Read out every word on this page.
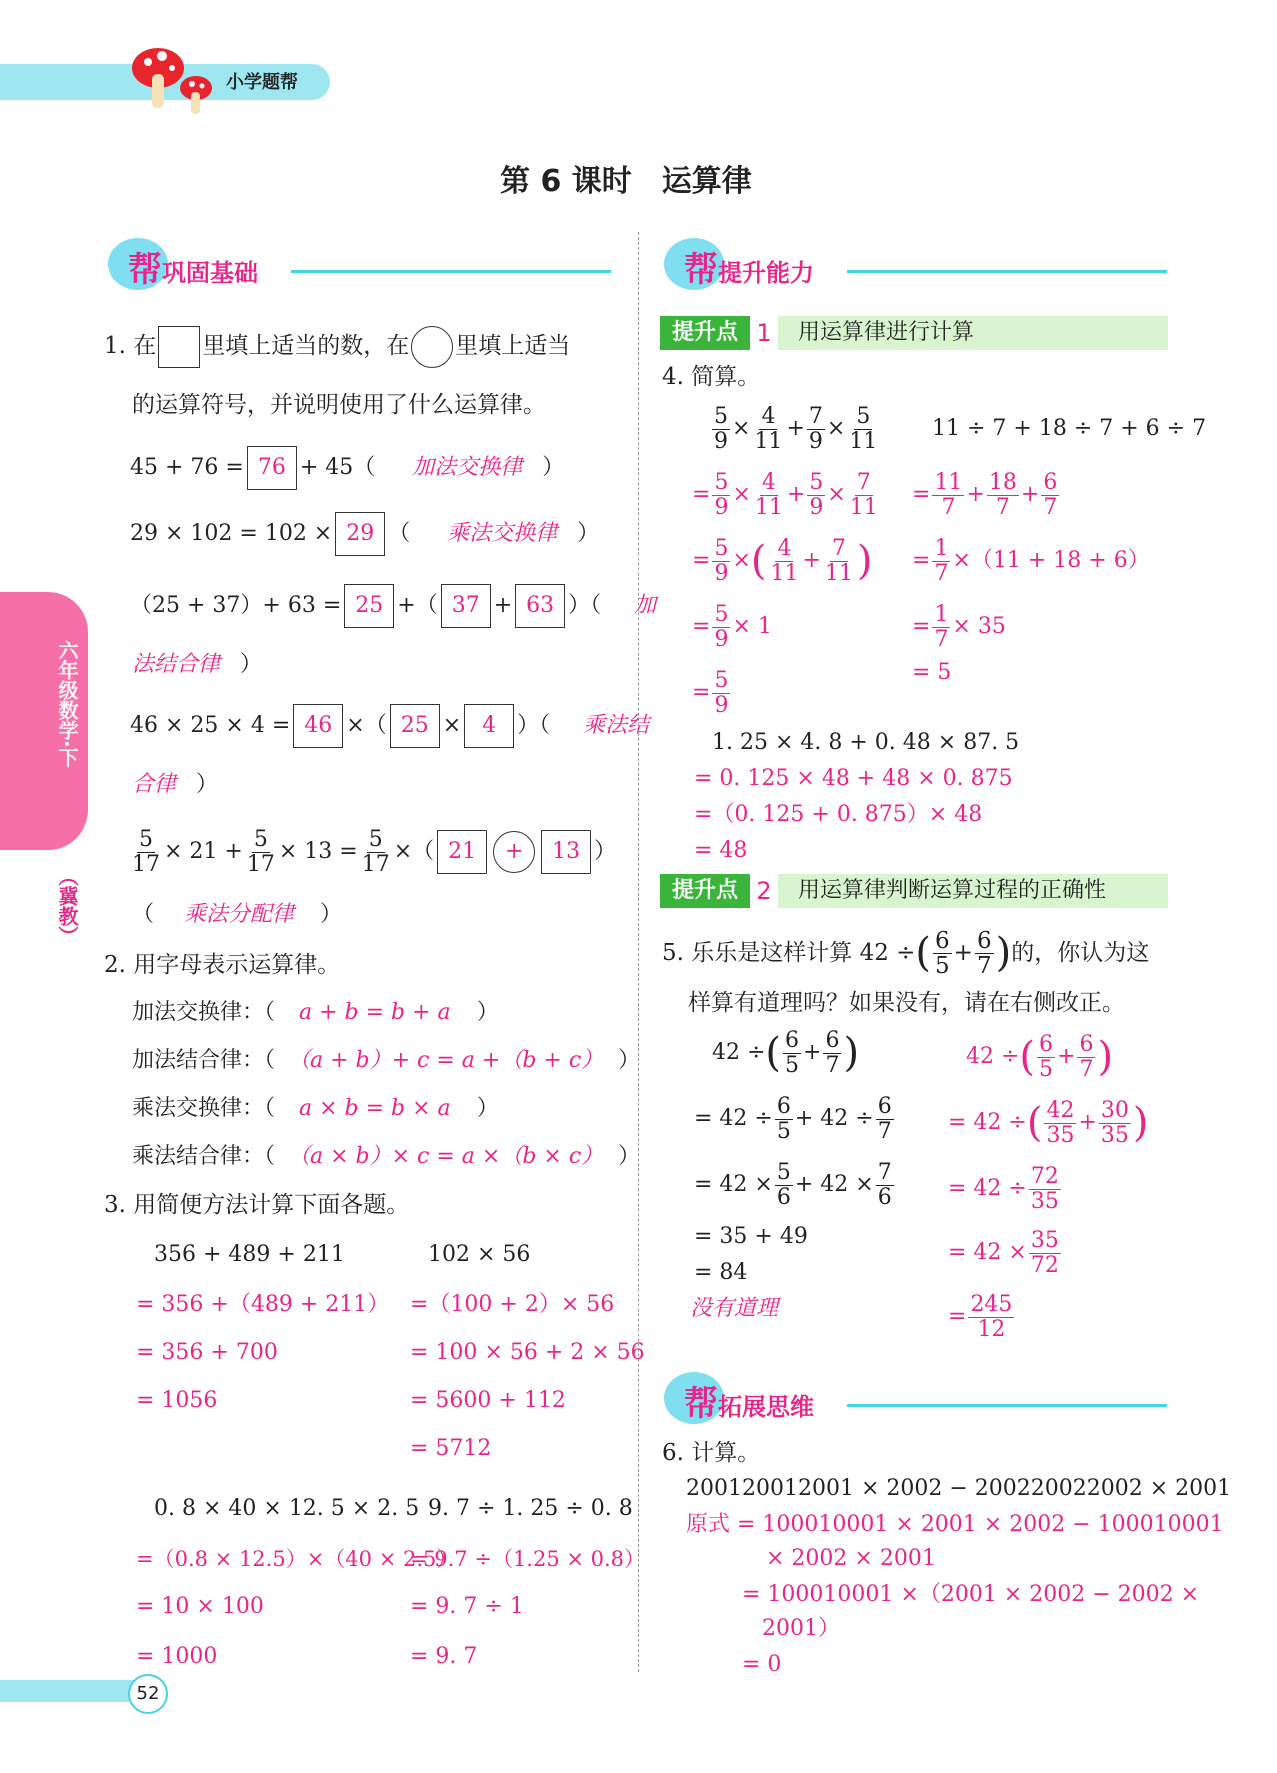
小学题帮
第 6 课时　运算律
六年级数学·下
（冀教）
帮巩固基础	帮提升能力
帮拓展思维
1. 在 里填上适当的数，在 里填上适当
的运算符号，并说明使用了什么运算律。
45 + 76 = 76 + 45（ 加法交换律 ）
29 × 102 = 102 × 29 （ 乘法交换律 ）
（25 + 37）+ 63 = 25 +（ 37 + 63 ）（ 加
法结合律 ）
46 × 25 × 4 = 46 ×（ 25 × 4 ）（ 乘法结
合律 ）
$\frac{5}{17} \times 21 + \frac{5}{17} \times 13 = \frac{5}{17}$ ×（ 21	+	13 ）
（ 乘法分配律 ）
2. 用字母表示运算律。
加法交换律：（ a + b = b + a ）
加法结合律：（ （a + b）+ c = a +（b + c） ）
乘法交换律：（ a × b = b × a ）
乘法结合律：（ （a × b）× c = a ×（b × c） ）
3. 用简便方法计算下面各题。
356 + 489 + 211
= 356 +（489 + 211）
= 356 + 700
= 1056
102 × 56
=（100 + 2）× 56
= 100 × 56 + 2 × 56
= 5600 + 112
= 5712
0. 8 × 40 × 12. 5 × 2. 5
=（0.8 × 12.5）×（40 × 2.5）
= 10 × 100
= 1000
9. 7 ÷ 1. 25 ÷ 0. 8
= 9.7 ÷（1.25 × 0.8）
= 9. 7 ÷ 1
= 9. 7
提升点 1	用运算律进行计算
4. 简算。
5
9 × 4
11 + 7
9 × 5
11
= 5
9 × 4
11 + 5
9 × 7
11
= 5
9 × ( 4
11 + 7
11 )
= $\frac{5}{9} \times 1$
= 5
9
11 ÷ 7 + 18 ÷ 7 + 6 ÷ 7
= 11
7 + 18
7 + 6
7
= $\frac{1}{7} \times(11 + 18 + 6)$
= $\frac{1}{7} \times 35$
= 5
1. 25 × 4. 8 + 0. 48 × 87. 5
= 0. 125 × 48 + 48 × 0. 875
=（0. 125 + 0. 875）× 48
= 48
提升点 2	用运算律判断运算过程的正确性
5. 乐乐是这样计算 42 ÷ ( 6
5 + 6
7 ) 的，你认为这
样算有道理吗？如果没有，请在右侧改正。
42 ÷ ( 6
5 + 6
7 )
= $42 \div \frac{6}{5} + 42 \div \frac{6}{7}$
= $42 \times \frac{5}{6} + 42 \times \frac{7}{6}$
= 35 + 49
= 84
没有道理
42 ÷ ( 6
5 + 6
7 )
= 42 ÷ ( 42
35 + 30
35 )
= $42 \div \frac{72}{35}$
= $42 \times \frac{35}{72}$
= $\frac{245}{12}$
6. 计算。
200120012001 × 2002 − 200220022002 × 2001
原式 = 100010001 × 2001 × 2002 − 100010001
× 2002 × 2001
= 100010001 ×（2001 × 2002 − 2002 ×
2001）
= 0
52
